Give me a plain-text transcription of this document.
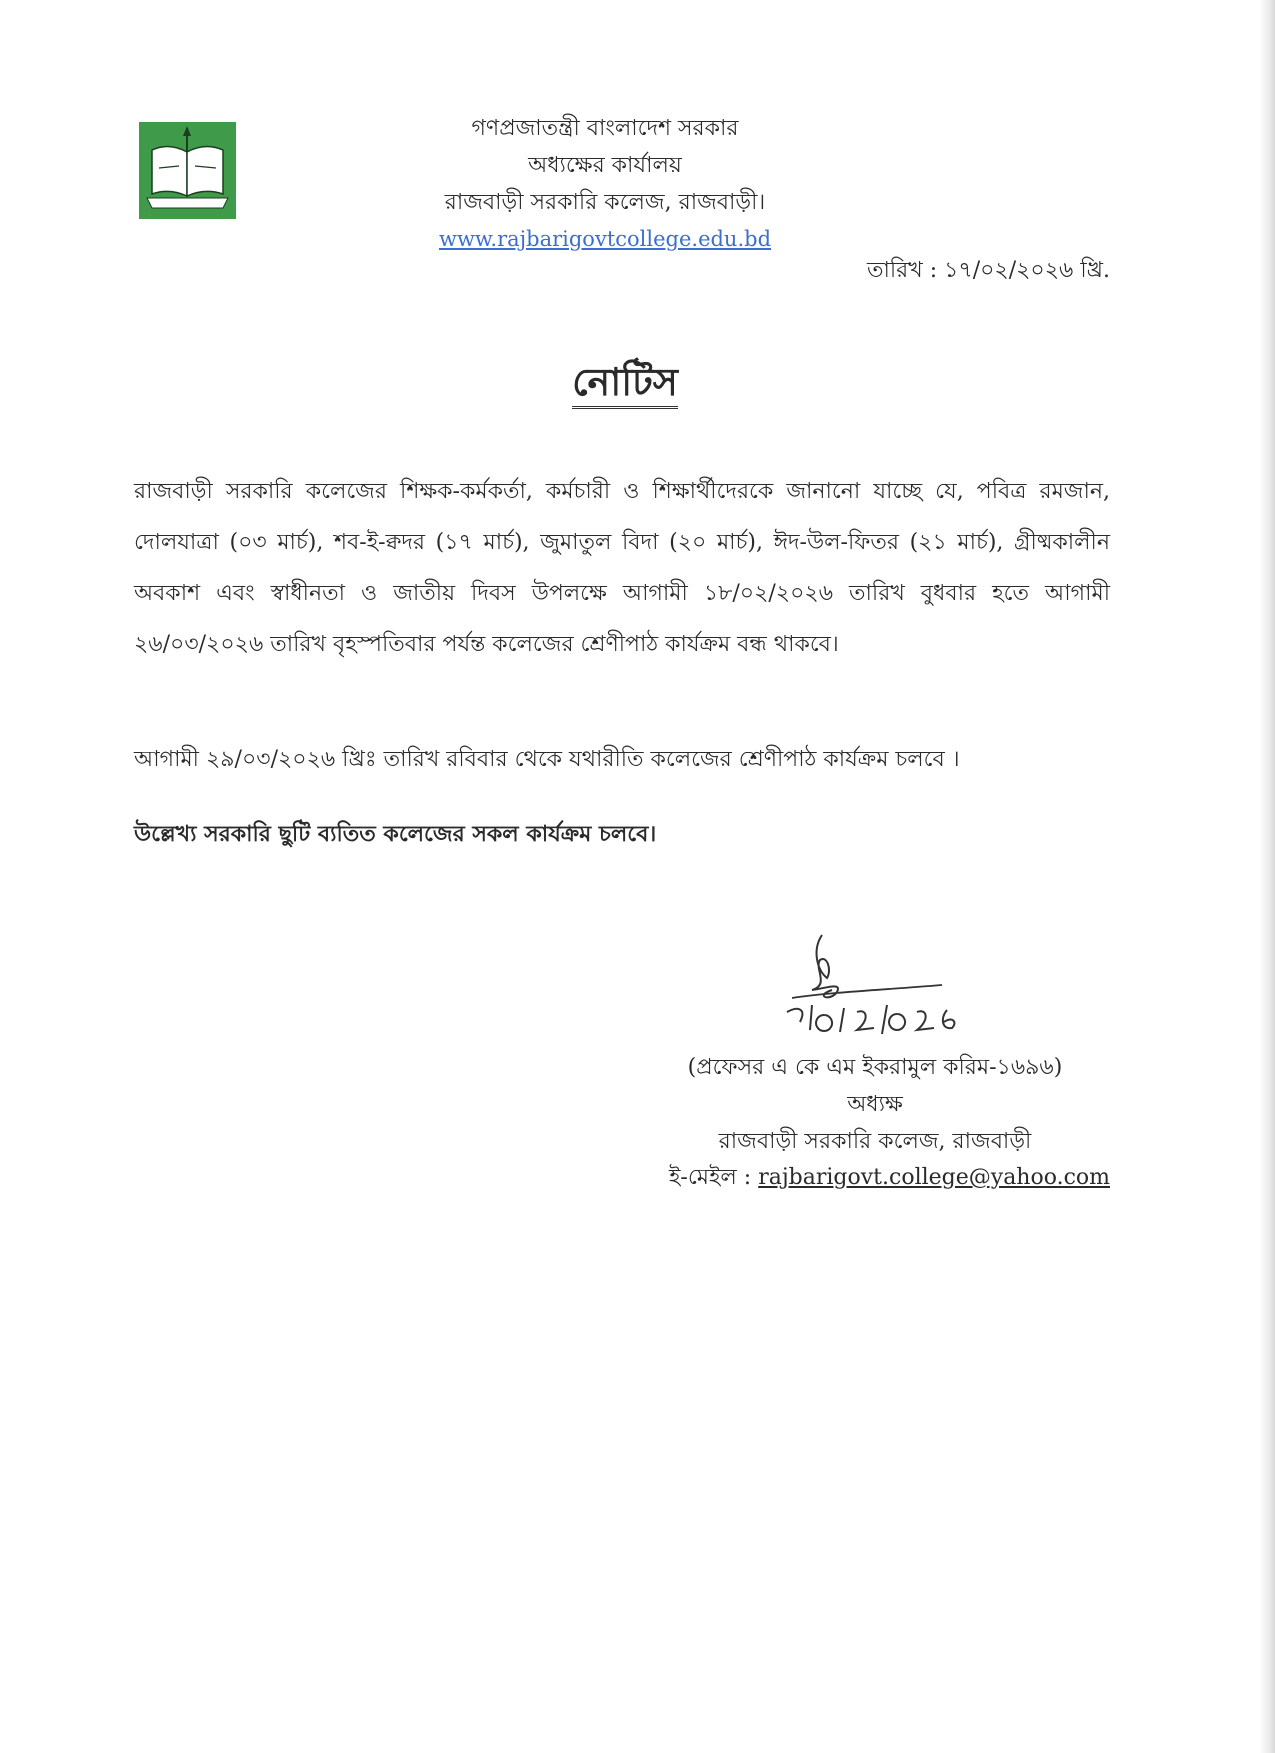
গণপ্রজাতন্ত্রী বাংলাদেশ সরকার
অধ্যক্ষের কার্যালয়
রাজবাড়ী সরকারি কলেজ, রাজবাড়ী।
www.rajbarigovtcollege.edu.bd
তারিখ : ১৭/০২/২০২৬ খ্রি.
নোটিস
রাজবাড়ী সরকারি কলেজের শিক্ষক-কর্মকর্তা, কর্মচারী ও শিক্ষার্থীদেরকে জানানো যাচ্ছে যে, পবিত্র রমজান, দোলযাত্রা (০৩ মার্চ), শব-ই-ক্বদর (১৭ মার্চ), জুমাতুল বিদা (২০ মার্চ), ঈদ-উল-ফিতর (২১ মার্চ), গ্রীষ্মকালীন অবকাশ এবং স্বাধীনতা ও জাতীয় দিবস উপলক্ষে আগামী ১৮/০২/২০২৬ তারিখ বুধবার হতে আগামী ২৬/০৩/২০২৬ তারিখ বৃহস্পতিবার পর্যন্ত কলেজের শ্রেণীপাঠ কার্যক্রম বন্ধ থাকবে।
আগামী ২৯/০৩/২০২৬ খ্রিঃ তারিখ রবিবার থেকে যথারীতি কলেজের শ্রেণীপাঠ কার্যক্রম চলবে ।
উল্লেখ্য সরকারি ছুটি ব্যতিত কলেজের সকল কার্যক্রম চলবে।
(প্রফেসর এ কে এম ইকরামুল করিম-১৬৯৬)
অধ্যক্ষ
রাজবাড়ী সরকারি কলেজ, রাজবাড়ী
ই-মেইল : rajbarigovt.college@yahoo.com
